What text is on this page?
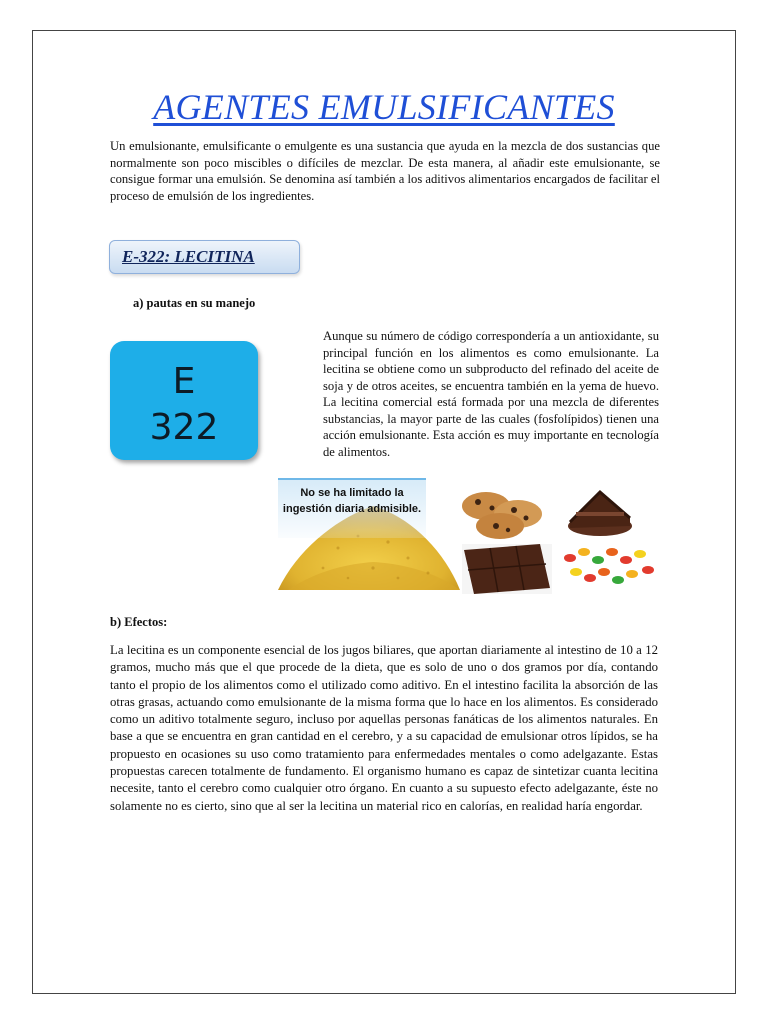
AGENTES EMULSIFICANTES
Un emulsionante, emulsificante o emulgente es una sustancia que ayuda en la mezcla de dos sustancias que normalmente son poco miscibles o difíciles de mezclar. De esta manera, al añadir este emulsionante, se consigue formar una emulsión. Se denomina así también a los aditivos alimentarios encargados de facilitar el proceso de emulsión de los ingredientes.
E-322: LECITINA
a) pautas en su manejo
E
322
Aunque su número de código correspondería a un antioxidante, su principal función en los alimentos es como emulsionante. La lecitina se obtiene como un subproducto del refinado del aceite de soja y de otros aceites, se encuentra también en la yema de huevo. La lecitina comercial está formada por una mezcla de diferentes substancias, la mayor parte de las cuales (fosfolípidos) tienen una acción emulsionante. Esta acción es muy importante en tecnología de alimentos.
No se ha limitado la ingestión diaria admisible.
b) Efectos:
La lecitina es un componente esencial de los jugos biliares, que aportan diariamente al intestino de 10 a 12 gramos, mucho más que el que procede de la dieta, que es solo de uno o dos gramos por día, contando tanto el propio de los alimentos como el utilizado como aditivo. En el intestino facilita la absorción de las otras grasas, actuando como emulsionante de la misma forma que lo hace en los alimentos. Es considerado como un aditivo totalmente seguro, incluso por aquellas personas fanáticas de los alimentos naturales. En base a que se encuentra en gran cantidad en el cerebro, y a su capacidad de emulsionar otros lípidos, se ha propuesto en ocasiones su uso como tratamiento para enfermedades mentales o como adelgazante. Estas propuestas carecen totalmente de fundamento. El organismo humano es capaz de sintetizar cuanta lecitina necesite, tanto el cerebro como cualquier otro órgano. En cuanto a su supuesto efecto adelgazante, éste no solamente no es cierto, sino que al ser la lecitina un material rico en calorías, en realidad haría engordar.
